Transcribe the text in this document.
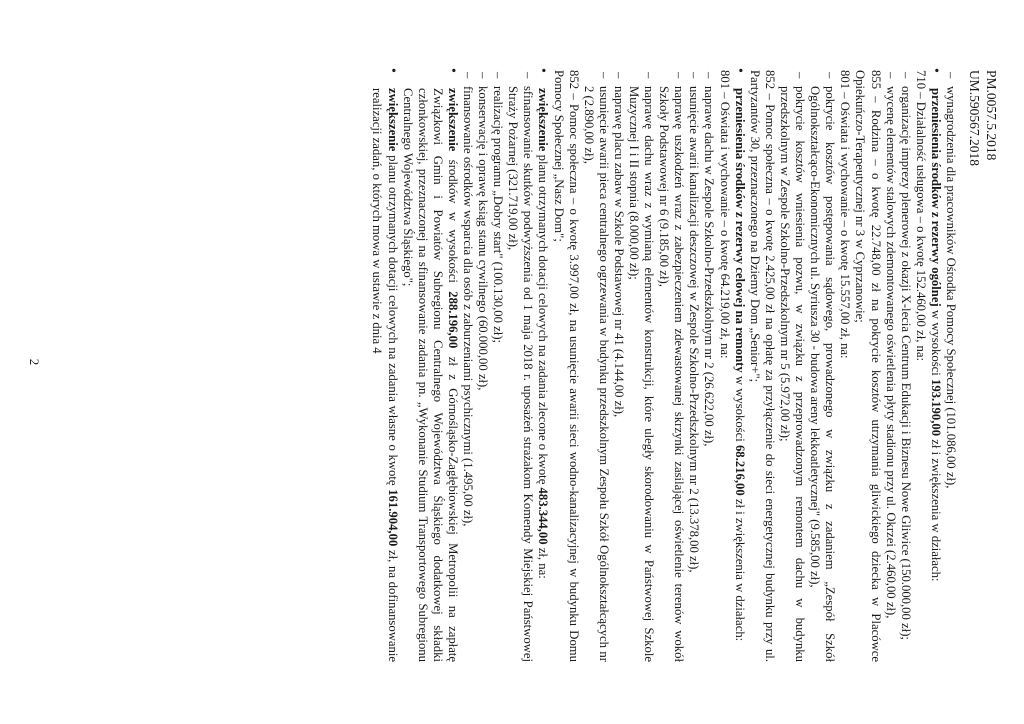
PM.0057.5.2018
UM.590567.2018

– wynagrodzenia dla pracowników Ośrodka Pomocy Społecznej (101.086,00 zł),

• przeniesienia środków z rezerwy ogólnej w wysokości 193.190,00 zł i zwiększenia w działach:

710 – Działalność usługowa – o kwotę 152.460,00 zł, na:

– organizację imprezy plenerowej z okazji X-lecia Centrum Edukacji i Biznesu Nowe Gliwice (150.000,00 zł);

– wycenę elementów stalowych zdemontowanego oświetlenia płyty stadionu przy ul. Okrzei (2.460,00 zł),

855 – Rodzina – o kwotę 22.748,00 zł na pokrycie kosztów utrzymania gliwickiego dziecka w Placówce Opiekuńczo-Terapeutycznej nr 3 w Cyprzanowie;

801 – Oświata i wychowanie – o kwotę 15.557,00 zł, na:

– pokrycie kosztów postępowania sądowego, prowadzonego w związku z zadaniem „Zespół Szkół Ogólnokształcąco-Ekonomicznych ul. Syriusza 30 - budowa areny lekkoatletycznej" (9.585,00 zł),

– pokrycie kosztów wniesienia pozwu, w związku z przeprowadzonym remontem dachu w budynku przedszkolnym w Zespole Szkolno-Przedszkolnym nr 5 (5.972,00 zł);

852 – Pomoc społeczna – o kwotę 2.425,00 zł na opłatę za przyłączenie do sieci energetycznej budynku przy ul. Partyzantów 30, przeznaczonego na Dziemy Dom „Senior+";

• przeniesienia środków z rezerwy celowej na remonty w wysokości 68.216,00 zł i zwiększenia w działach:

801 – Oświata i wychowanie – o kwotę 64.219,00 zł, na:

– naprawę dachu w Zespole Szkolno-Przedszkolnym nr 2 (26.622,00 zł),

– usunięcie awarii kanalizacji deszczowej w Zespole Szkolno-Przedszkolnym nr 2 (13.378,00 zł),

– naprawę uszkodzeń wraz z zabezpieczeniem zdewastowanej skrzynki zasilającej oświetlenie terenów wokół Szkoły Podstawowej nr 6 (9.185,00 zł),

– naprawę dachu wraz z wymianą elementów konstrukcji, które uległy skorodowaniu w Państwowej Szkole Muzycznej I i II stopnia (8.000,00 zł);

– naprawę placu zabaw w Szkole Podstawowej nr 41 (4.144,00 zł),

– usunięcie awarii pieca centralnego ogrzewania w budynku przedszkolnym Zespołu Szkół Ogólnokształcących nr 2 (2.890,00 zł),

852 – Pomoc społeczna – o kwotę 3.997,00 zł, na usunięcie awarii sieci wodno-kanalizacyjnej w budynku Domu Pomocy Społecznej „Nasz Dom";

• zwiększenie planu otrzymanych dotacji celowych na zadania zlecone o kwotę 483.344,00 zł, na:

– sfinansowanie skutków podwyższenia od 1 maja 2018 r. uposażeń strażakom Komendy Miejskiej Państwowej Straży Pożarnej (321.719,00 zł),

– realizację programu „Dobry start" (100.130,00 zł);

– konserwację i oprawę ksiąg stanu cywilnego (60.000,00 zł),

– finansowanie ośrodków wsparcia dla osób z zaburzeniami psychicznymi (1.495,00 zł),

• zwiększenie środków w wysokości 288.196,00 zł z Górnośląsko-Zagłębiowskiej Metropolii na zapłatę Związkowi Gmin i Powiatów Subregionu Centralnego Województwa Śląskiego dodatkowej składki członkowskiej, przeznaczonej na sfinansowanie zadania pn. „Wykonanie Studium Transportowego Subregionu Centralnego Województwa Śląskiego";

• zwiększenie planu otrzymanych dotacji celowych na zadania własne o kwotę 161.904,00 zł, na dofinansowanie realizacji zadań, o których mowa w ustawie z dnia 4

2
